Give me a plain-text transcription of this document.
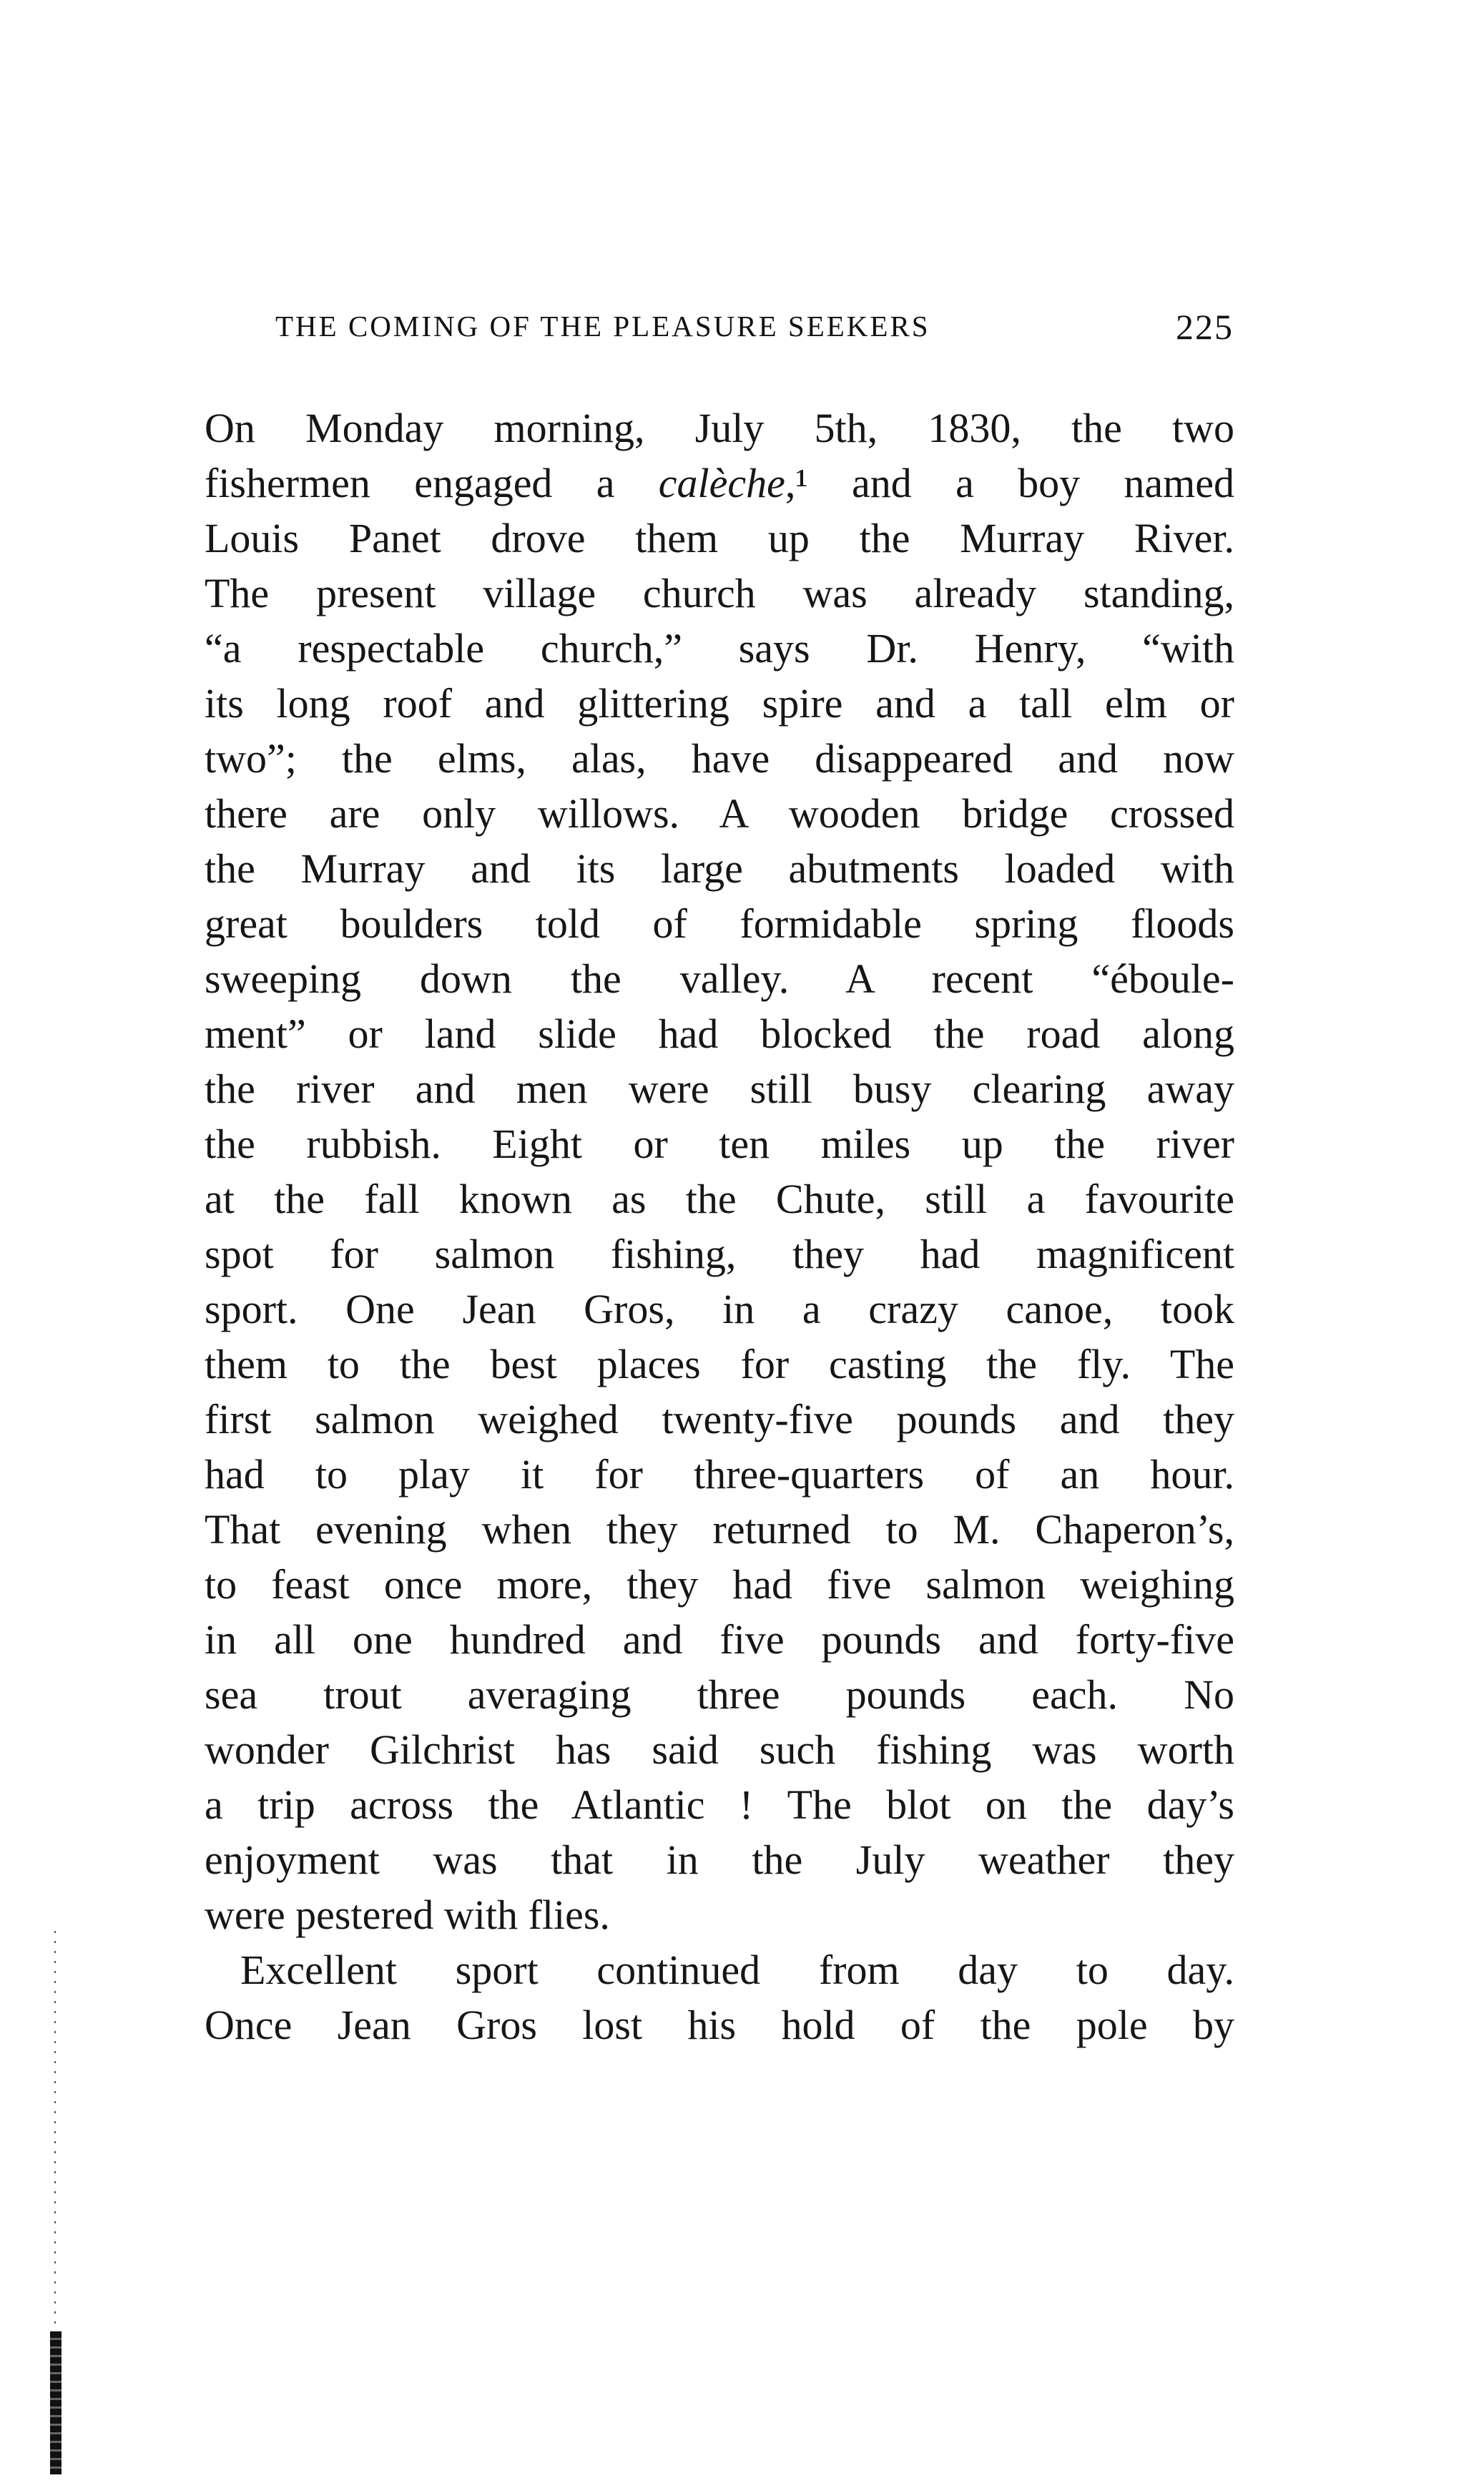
THE COMING OF THE PLEASURE SEEKERS	225
On Monday morning, July 5th, 1830, the two
fishermen engaged a calèche,¹ and a boy named
Louis Panet drove them up the Murray River.
The present village church was already standing,
“a respectable church,” says Dr. Henry, “with
its long roof and glittering spire and a tall elm or
two”; the elms, alas, have disappeared and now
there are only willows. A wooden bridge crossed
the Murray and its large abutments loaded with
great boulders told of formidable spring floods
sweeping down the valley. A recent “éboule-
ment” or land slide had blocked the road along
the river and men were still busy clearing away
the rubbish. Eight or ten miles up the river
at the fall known as the Chute, still a favourite
spot for salmon fishing, they had magnificent
sport. One Jean Gros, in a crazy canoe, took
them to the best places for casting the fly. The
first salmon weighed twenty-five pounds and they
had to play it for three-quarters of an hour.
That evening when they returned to M. Chaperon’s,
to feast once more, they had five salmon weighing
in all one hundred and five pounds and forty-five
sea trout averaging three pounds each. No
wonder Gilchrist has said such fishing was worth
a trip across the Atlantic ! The blot on the day’s
enjoyment was that in the July weather they
were pestered with flies.
Excellent sport continued from day to day.
Once Jean Gros lost his hold of the pole by
